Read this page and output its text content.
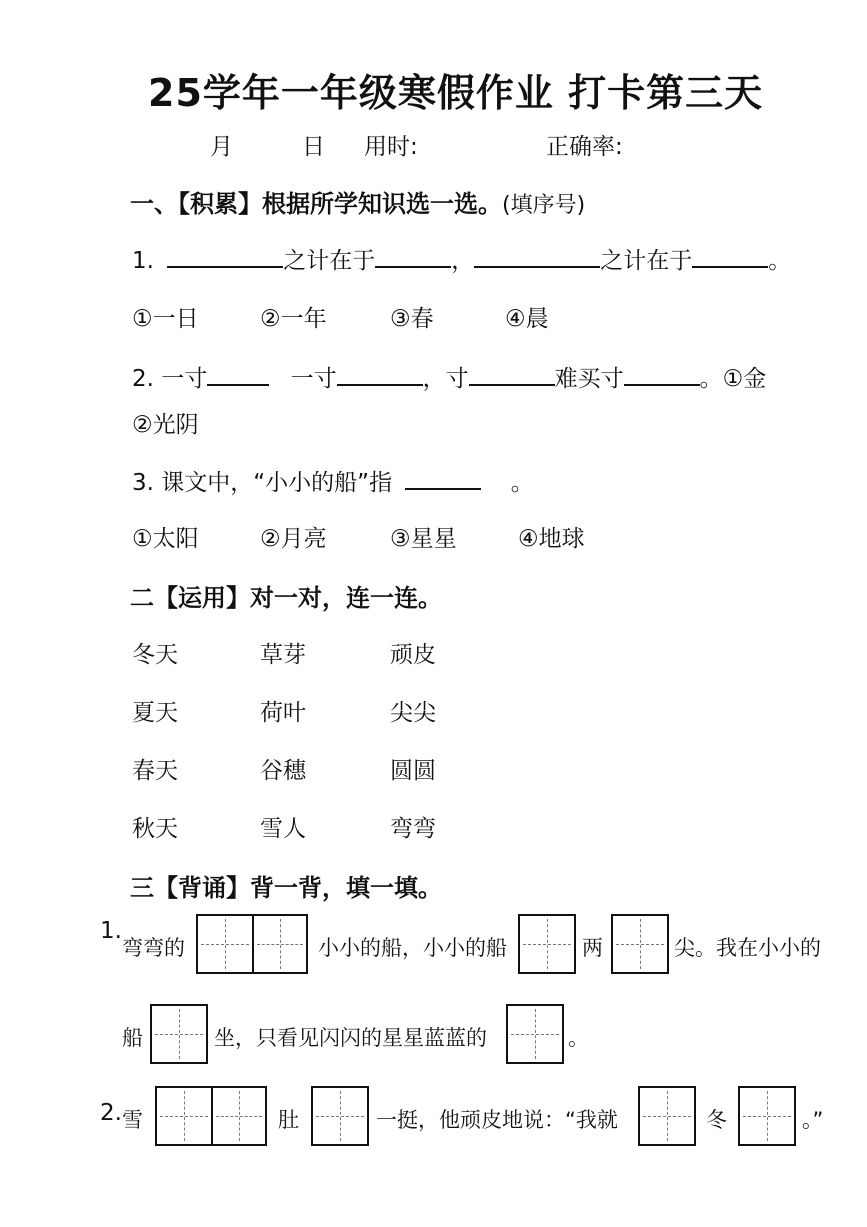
25学年一年级寒假作业 打卡第三天
月	日 用时:	正确率:
一、【积累】根据所学知识选一选。(填序号)
1.	之计在于	，	之计在于	。
①一日	②一年	③春	④晨
2. 一寸	一寸	，寸	难买寸	。①金
②光阴
3. 课文中，“小小的船”指	。
①太阳	②月亮	③星星	④地球
二【运用】对一对，连一连。
冬天	草芽	顽皮
夏天	荷叶	尖尖
春天	谷穗	圆圆
秋天	雪人	弯弯
三【背诵】背一背，填一填。
1.
弯弯的	小小的船，小小的船	两	尖。我在小小的
船	坐，只看见闪闪的星星蓝蓝的	。
2. 雪	肚	一挺，他顽皮地说：“我就	冬	。”
